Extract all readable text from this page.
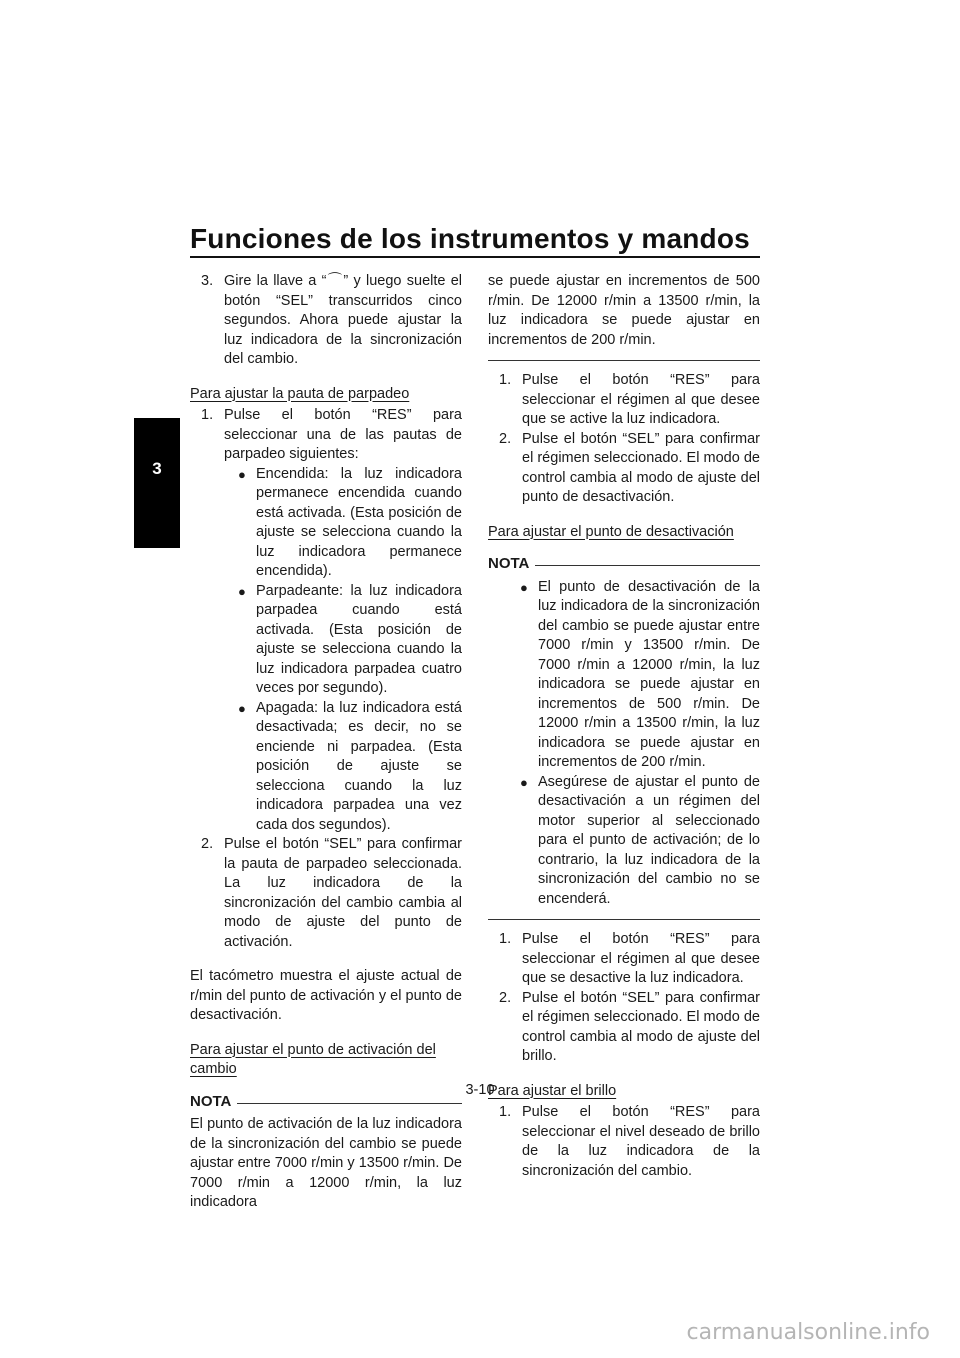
Funciones de los instrumentos y mandos
3
3. Gire la llave a “⌒” y luego suelte el botón “SEL” transcurridos cinco segundos. Ahora puede ajustar la luz indicadora de la sincronización del cambio.

Para ajustar la pauta de parpadeo

1. Pulse el botón “RES” para seleccionar una de las pautas de parpadeo siguientes:
● Encendida: la luz indicadora permanece encendida cuando está activada. (Esta posición de ajuste se selecciona cuando la luz indicadora permanece encendida).
● Parpadeante: la luz indicadora parpadea cuando está activada. (Esta posición de ajuste se selecciona cuando la luz indicadora parpadea cuatro veces por segundo).
● Apagada: la luz indicadora está desactivada; es decir, no se enciende ni parpadea. (Esta posición de ajuste se selecciona cuando la luz indicadora parpadea una vez cada dos segundos).
2. Pulse el botón “SEL” para confirmar la pauta de parpadeo seleccionada. La luz indicadora de la sincronización del cambio cambia al modo de ajuste del punto de activación.

El tacómetro muestra el ajuste actual de r/min del punto de activación y el punto de desactivación.

Para ajustar el punto de activación del cambio

NOTA

El punto de activación de la luz indicadora de la sincronización del cambio se puede ajustar entre 7000 r/min y 13500 r/min. De 7000 r/min a 12000 r/min, la luz indicadora

se puede ajustar en incrementos de 500 r/min. De 12000 r/min a 13500 r/min, la luz indicadora se puede ajustar en incrementos de 200 r/min.

1. Pulse el botón “RES” para seleccionar el régimen al que desee que se active la luz indicadora.
2. Pulse el botón “SEL” para confirmar el régimen seleccionado. El modo de control cambia al modo de ajuste del punto de desactivación.

Para ajustar el punto de desactivación

NOTA
● El punto de desactivación de la luz indicadora de la sincronización del cambio se puede ajustar entre 7000 r/min y 13500 r/min. De 7000 r/min a 12000 r/min, la luz indicadora se puede ajustar en incrementos de 500 r/min. De 12000 r/min a 13500 r/min, la luz indicadora se puede ajustar en incrementos de 200 r/min.
● Asegúrese de ajustar el punto de desactivación a un régimen del motor superior al seleccionado para el punto de activación; de lo contrario, la luz indicadora de la sincronización del cambio no se encenderá.
1. Pulse el botón “RES” para seleccionar el régimen al que desee que se desactive la luz indicadora.
2. Pulse el botón “SEL” para confirmar el régimen seleccionado. El modo de control cambia al modo de ajuste del brillo.

Para ajustar el brillo

1. Pulse el botón “RES” para seleccionar el nivel deseado de brillo de la luz indicadora de la sincronización del cambio.
3-10
carmanualsonline.info
